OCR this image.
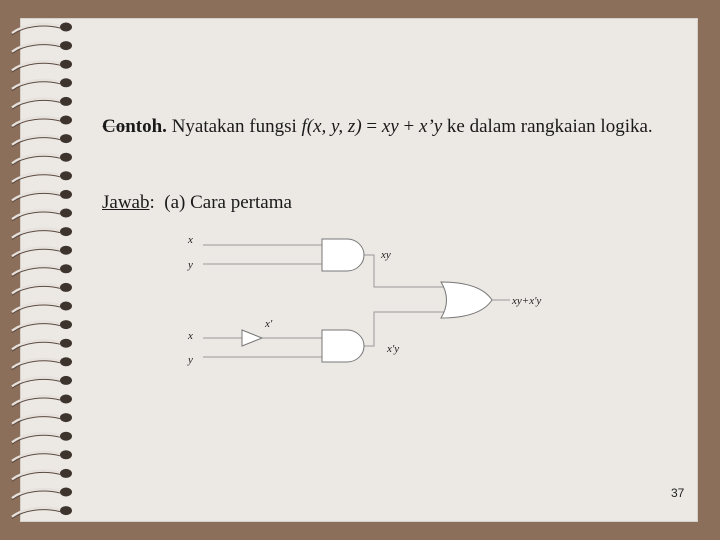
Contoh. Nyatakan fungsi f(x, y, z) = xy + x’y ke dalam rangkaian logika.
Jawab: (a) Cara pertama
x
y
x
y
xy
x'
x'y
xy+x'y
37
